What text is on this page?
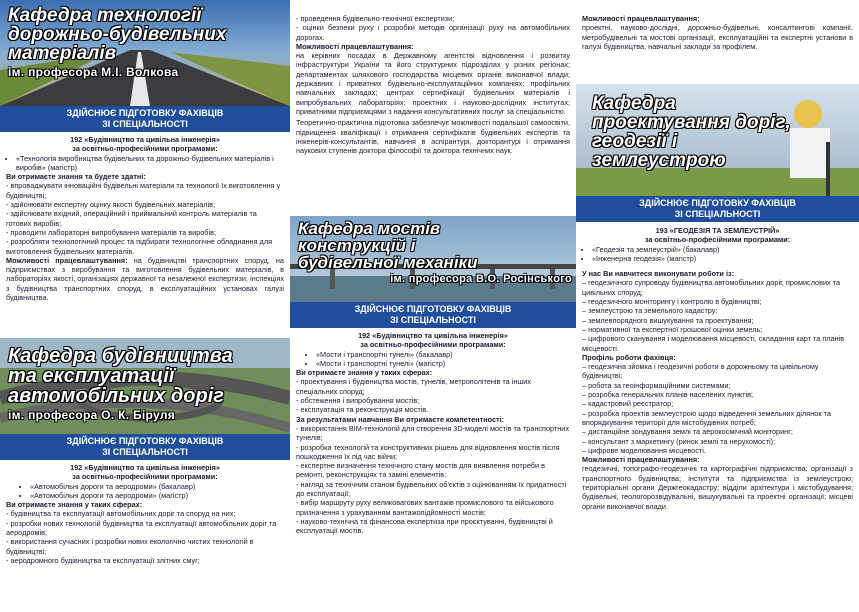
Кафедра технології
дорожньо-будівельних
матеріалів
ім. професора М.І. Волкова
ЗДІЙСНЮЄ ПІДГОТОВКУ ФАХІВЦІВ
ЗІ СПЕЦІАЛЬНОСТІ

192 «Будівництво та цивільна інженерія»

за освітньо-професійними програмами:

• «Технологія виробництва будівельних та дорожньо-будівельних матеріалів і виробів» (магістр)

Ви отримаєте знання та будете здатні:

- впроваджувати інноваційні будівельні матеріали та технології їх виготовлення у будівництві;

- здійснювати експертну оцінку якості будівельних матеріалів;

- здійснювати вхідний, операційний і приймальний контроль матеріалів та готових виробів;

- проводити лабораторні випробування матеріалів та виробів;

- розробляти технологічний процес та підбирати технологічне обладнання для виготовлення будівельних матеріалів.

Можливості працевлаштування: на будівництві транспортних споруд, на підприємствах з виробування та виготовлення будівельних матеріалів, в лабораторіях якості, організаціях державної та незалежної експертизи, інспекціях з будівництва транспортних споруд, в експлуатаційних установах галузі будівництва.

Кафедра будівництва
та експлуатації
автомобільних доріг
ім. професора О. К. Біруля
ЗДІЙСНЮЄ ПІДГОТОВКУ ФАХІВЦІВ
ЗІ СПЕЦІАЛЬНОСТІ

192 «Будівництво та цивільна інженерія»

за освітньо-професійними програмами:

• «Автомобільні дороги та аеродроми» (бакалавр)
• «Автомобільні дороги та аеродроми» (магістр)

Ви отримаєте знання у таких сферах:

- будівництва та експлуатації автомобільних доріг та споруд на них;

- розробки нових технологій будівництва та експлуатації автомобільних доріг та аеродромів;

- використання сучасних і розробки нових екологічно чистих технологій в будівництві;

- аеродромного будівництва та експлуатації злітних смуг;

- проведення будівельно-технічної експертизи;

- оцінки безпеки руху і розробки методів організації руху на автомобільних дорогах.

Можливості працевлаштування:

на керівних посадах в Державному агентстві відновлення і розвитку інфраструктури України та його структурних підрозділах у різних регіонах; департаментах шляхового господарства місцевих органів виконавчої влади; державних і приватних будівельно-експлуатаційних компаніях; профільних навчальних закладах; центрах сертифікації будівельних матеріалів і випробувальних лабораторіях; проектних і науково-дослідних інститутах; приватними підприємцями з надання консультативних послуг за спеціальністю.

Теоретично-практична підготовка забезпечує можливості подальшої самоосвіти, підвищення кваліфікації і отримання сертифікатів будівельних експертів та інженерів-консультантів, навчання в аспірантурі, докторантурі і отримання наукових ступенів доктора філософії та доктора технічних наук.

Кафедра мостів
конструкцій і
будівельної механіки
ім. професора В.О. Росінського
ЗДІЙСНЮЄ ПІДГОТОВКУ ФАХІВЦІВ
ЗІ СПЕЦІАЛЬНОСТІ

192 «Будівництво та цивільна інженерія»

за освітньо-професійними програмами:

• «Мости і транспортні тунелі» (бакалавр)
• «Мости і транспортні тунелі» (магістр)

Ви отримаєте знання у таких сферах:

- проектування і будівництва мостів, тунелів, метрополітенів та інших спеціальних споруд;

- обстеження і випробування мостів;

- експлуатація та реконструкція мостів.

За результатами навчання Ви отримаєте компетентності:

- використання BIM-технологій для створення 3D-моделі мостів та транспортних тунелів;

- розробка технологій та конструктивних рішень для відновлення мостів після пошкодження їх під час війни;

- експертне визначення технічного стану мостів для виявлення потреби в ремонті, реконструкціях та заміні елементів;

- нагляд за технічним станом будівельних об'єктів з оцінюванням їх придатності до експлуатації;

- вибір маршруту руху великовагових вантажів промислового та військового призначення з урахуванням вантажопідйомності мостів;

- науково-технічна та фінансова експертиза при проєктуванні, будівництві й експлуатації мостів.

Можливості працевлаштування:

проектні, науково-дослідні, дорожньо-будівельні, консалтингові компанії, метробудівельні та мостові організації, експлуатаційні та експертні установи в галузі будівництва, навчальні заклади за профілем.

Кафедра
проектування доріг,
геодезії і
землеустрою
ЗДІЙСНЮЄ ПІДГОТОВКУ ФАХІВЦІВ
ЗІ СПЕЦІАЛЬНОСТІ

193 «ГЕОДЕЗІЯ ТА ЗЕМЛЕУСТРІЙ»

за освітньо-професійними програмами:

• «Геодезія та землеустрій» (бакалавр)
• «Інженерна геодезія» (магістр)

У нас Ви навчитеся виконувати роботи із:

– геодезичного супроводу будівництва автомобільних доріг, промислових та цивільних споруд;

– геодезичного моніторингу і контролю в будівництві;

– землеустрою та земельного кадастру;

– землевпорядного вишукування та проектування;

– нормативної та експертної грошової оцінки земель;

– цифрового сканування і моделювання місцевості, складання карт та планів місцевості.

Профіль роботи фахівця:

– геодезична зйомка і геодезичні роботи в дорожньому та цивільному будівництві;

– робота за геоінформаційними системами;

– розробка генеральних планів населених пунктів;

– кадастровий реєстратор;

– розробка проектів землеустрою щодо відведення земельних ділянок та впорядкування території для містобудівних потреб;

– дистанційне зондування землі та аерокосмічний моніторинг;

– консультант з маркетингу (ринок землі та нерухомості);

– цифрове моделювання місцевості.

Можливості працевлаштування:

геодезичні, топографо-геодезичні та картографічні підприємства; організації з транспортного будівництва; інститути та підприємства із землеустрою; територіальні органи Держгеокадастру; відділи архітектури і містобудування; будівельні, геологорозвідувальні, вишукувальні та проектні організації; місцеві органи виконавчої влади.
